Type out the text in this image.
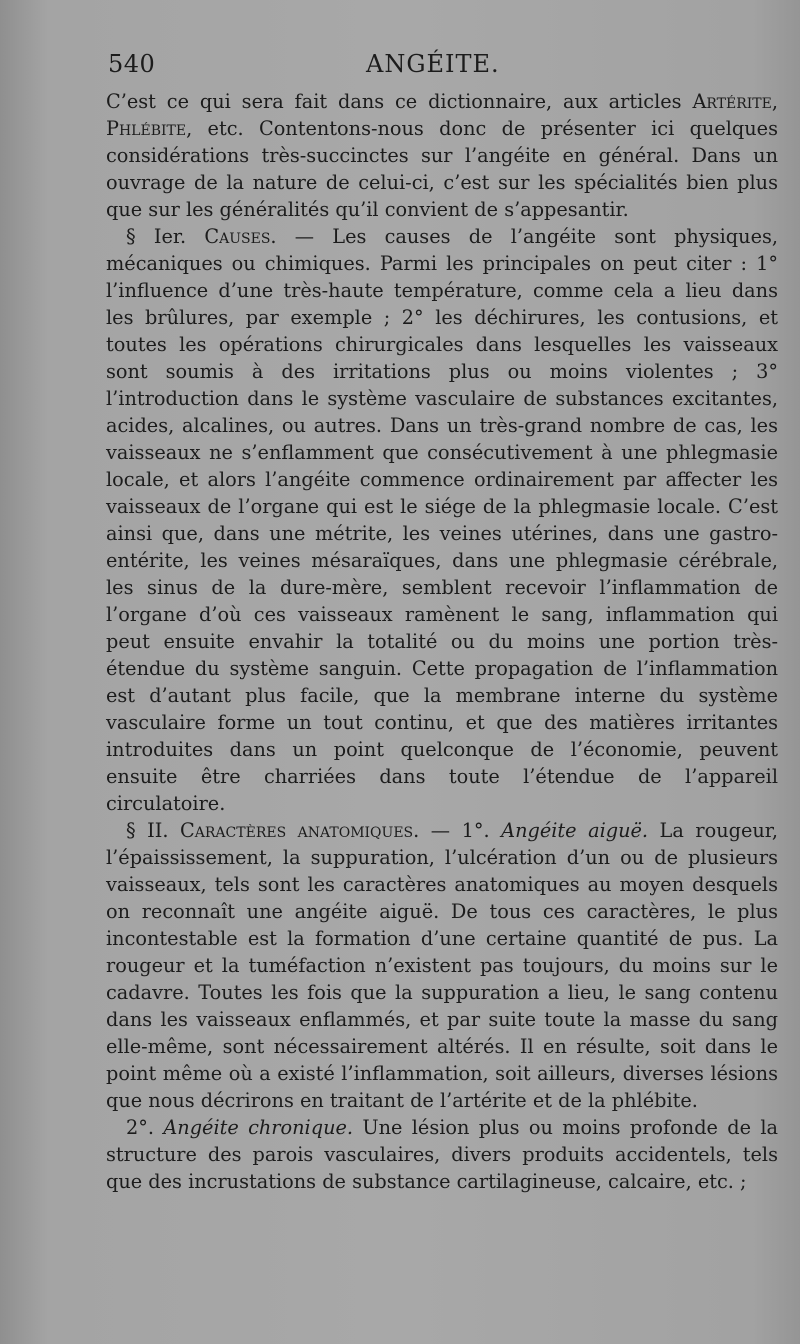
540	ANGÉITE.

C’est ce qui sera fait dans ce dictionnaire, aux articles Artérite, Phlébite, etc. Contentons-nous donc de présenter ici quelques considérations très-succinctes sur l’angéite en général. Dans un ouvrage de la nature de celui-ci, c’est sur les spécialités bien plus que sur les généralités qu’il convient de s’appesantir.

§ Ier. Causes. — Les causes de l’angéite sont physiques, mécaniques ou chimiques. Parmi les principales on peut citer : 1° l’influence d’une très-haute température, comme cela a lieu dans les brûlures, par exemple ; 2° les déchirures, les contusions, et toutes les opérations chirurgicales dans lesquelles les vaisseaux sont soumis à des irritations plus ou moins violentes ; 3° l’introduction dans le système vasculaire de substances excitantes, acides, alcalines, ou autres. Dans un très-grand nombre de cas, les vaisseaux ne s’enflamment que consécutivement à une phlegmasie locale, et alors l’angéite commence ordinairement par affecter les vaisseaux de l’organe qui est le siége de la phlegmasie locale. C’est ainsi que, dans une métrite, les veines utérines, dans une gastro-entérite, les veines mésaraïques, dans une phlegmasie cérébrale, les sinus de la dure-mère, semblent recevoir l’inflammation de l’organe d’où ces vaisseaux ramènent le sang, inflammation qui peut ensuite envahir la totalité ou du moins une portion très-étendue du système sanguin. Cette propagation de l’inflammation est d’autant plus facile, que la membrane interne du système vasculaire forme un tout continu, et que des matières irritantes introduites dans un point quelconque de l’économie, peuvent ensuite être charriées dans toute l’étendue de l’appareil circulatoire.

§ II. Caractères anatomiques. — 1°. Angéite aiguë. La rougeur, l’épaississement, la suppuration, l’ulcération d’un ou de plusieurs vaisseaux, tels sont les caractères anatomiques au moyen desquels on reconnaît une angéite aiguë. De tous ces caractères, le plus incontestable est la formation d’une certaine quantité de pus. La rougeur et la tuméfaction n’existent pas toujours, du moins sur le cadavre. Toutes les fois que la suppuration a lieu, le sang contenu dans les vaisseaux enflammés, et par suite toute la masse du sang elle-même, sont nécessairement altérés. Il en résulte, soit dans le point même où a existé l’inflammation, soit ailleurs, diverses lésions que nous décrirons en traitant de l’artérite et de la phlébite.

2°. Angéite chronique. Une lésion plus ou moins profonde de la structure des parois vasculaires, divers produits accidentels, tels que des incrustations de substance cartilagineuse, calcaire, etc. ;
